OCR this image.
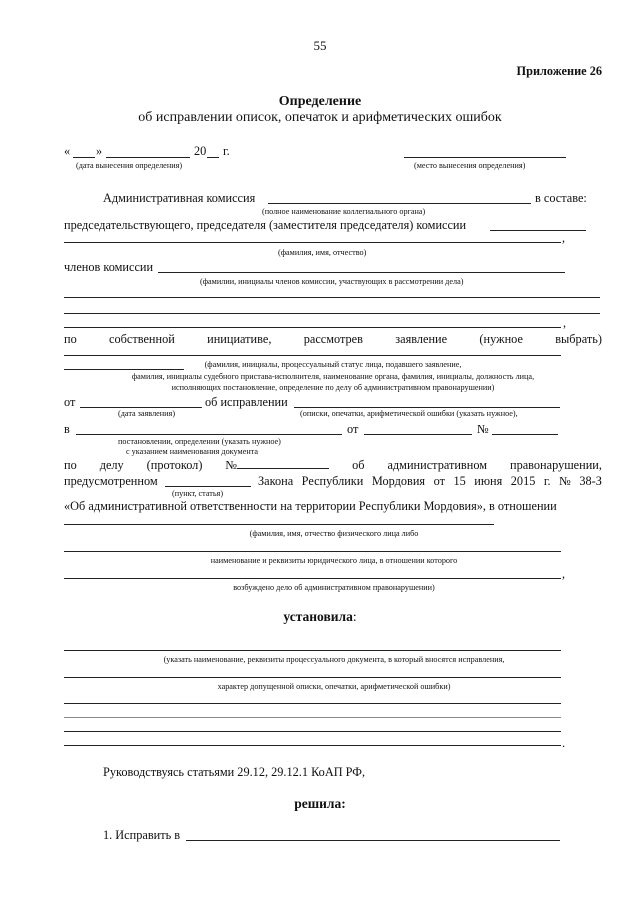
55
Приложение 26
Определение
об исправлении описок, опечаток и арифметических ошибок
« »	20 г.
(дата вынесения определения)	(место вынесения определения)
Административная комиссия	в составе:
(полное наименование коллегиального органа)
председательствующего, председателя (заместителя председателя) комиссии
,
(фамилия, имя, отчество)
членов комиссии
(фамилии, инициалы членов комиссии, участвующих в рассмотрении дела)
,
по	собственной	инициативе,	рассмотрев	заявление	(нужное	выбрать)
(фамилия, инициалы, процессуальный статус лица, подавшего заявление,
фамилия, инициалы судебного пристава-исполнителя, наименование органа, фамилия, инициалы, должность лица,
исполняющих постановление, определение по делу об административном правонарушении)
от	об исправлении
(дата заявления)	(описки, опечатки, арифметической ошибки (указать нужное),
в	от	№
постановлении, определении (указать нужное)
с указанием наименования документа
по делу (протокол) №	об административном правонарушении,
предусмотренном	Закона Республики Мордовия от 15 июня 2015 г. № 38-З
(пункт, статья)
«Об административной ответственности на территории Республики Мордовия», в отношении
(фамилия, имя, отчество физического лица либо
наименование и реквизиты юридического лица, в отношении которого
,
возбуждено дело об административном правонарушении)
установила:
(указать наименование, реквизиты процессуального документа, в который вносятся исправления,
характер допущенной описки, опечатки, арифметической ошибки)
.
Руководствуясь статьями 29.12, 29.12.1 КоАП РФ,
решила:
1. Исправить в
